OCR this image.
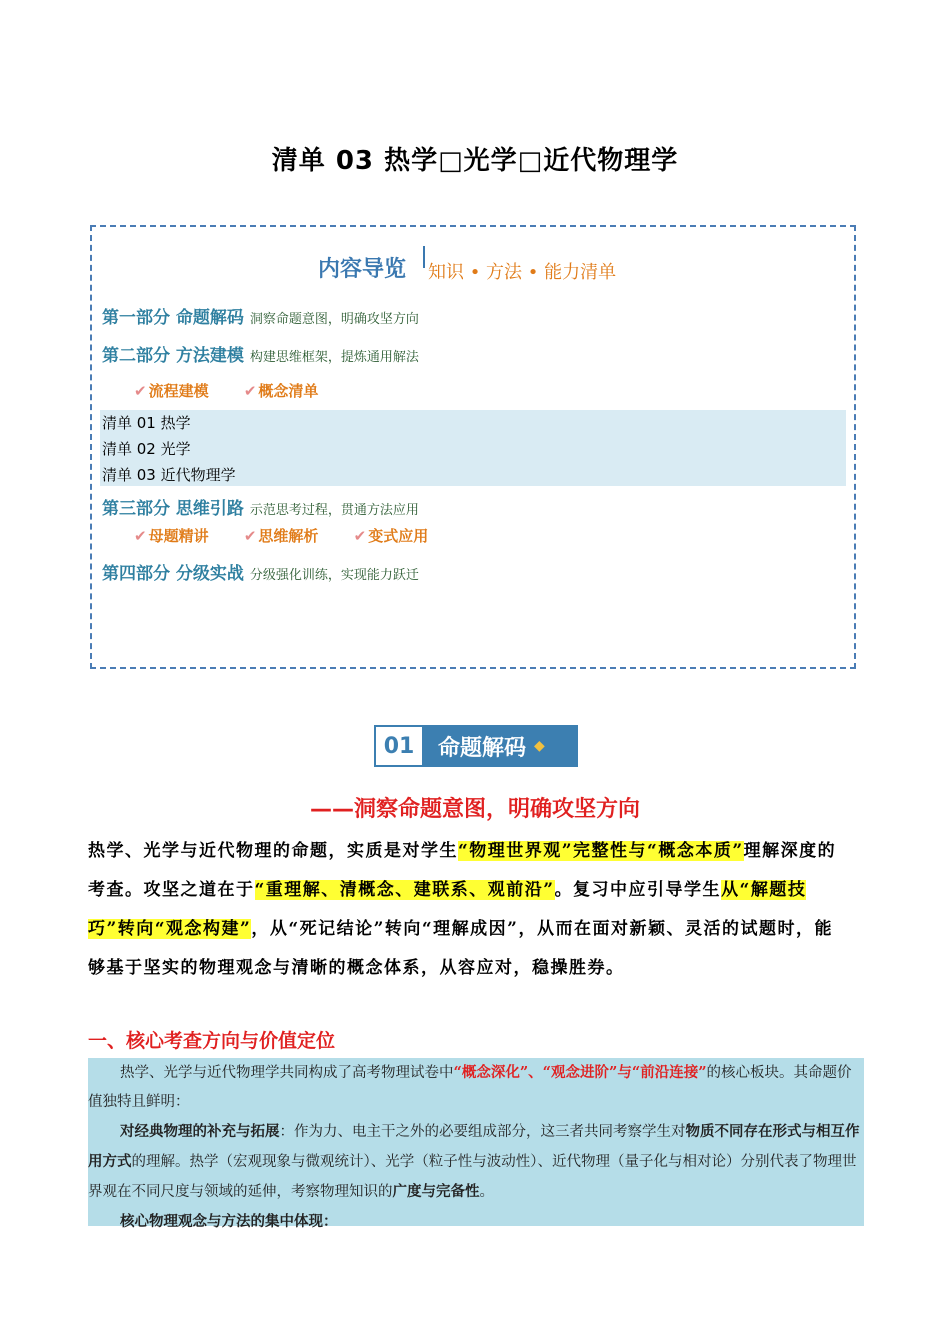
清单 03 热学□光学□近代物理学
内容导览 知识 • 方法 • 能力清单
第一部分 命题解码 洞察命题意图，明确攻坚方向
第二部分 方法建模 构建思维框架，提炼通用解法
✔ 流程建模 ✔ 概念清单
清单 01 热学
清单 02 光学
清单 03 近代物理学
第三部分 思维引路 示范思考过程，贯通方法应用
✔ 母题精讲 ✔ 思维解析 ✔ 变式应用
第四部分 分级实战 分级强化训练，实现能力跃迁
01	命题解码 ◆
——洞察命题意图，明确攻坚方向
热学、光学与近代物理的命题，实质是对学生“物理世界观”完整性与“概念本质”理解深度的考查。攻坚之道在于“重理解、清概念、建联系、观前沿”。复习中应引导学生从“解题技巧”转向“观念构建”，从“死记结论”转向“理解成因”，从而在面对新颖、灵活的试题时，能够基于坚实的物理观念与清晰的概念体系，从容应对，稳操胜券。
一、核心考查方向与价值定位

热学、光学与近代物理学共同构成了高考物理试卷中“概念深化”、“观念进阶”与“前沿连接”的核心板块。其命题价值独特且鲜明：

对经典物理的补充与拓展：作为力、电主干之外的必要组成部分，这三者共同考察学生对物质不同存在形式与相互作用方式的理解。热学（宏观现象与微观统计）、光学（粒子性与波动性）、近代物理（量子化与相对论）分别代表了物理世界观在不同尺度与领域的延伸，考察物理知识的广度与完备性。

核心物理观念与方法的集中体现：
